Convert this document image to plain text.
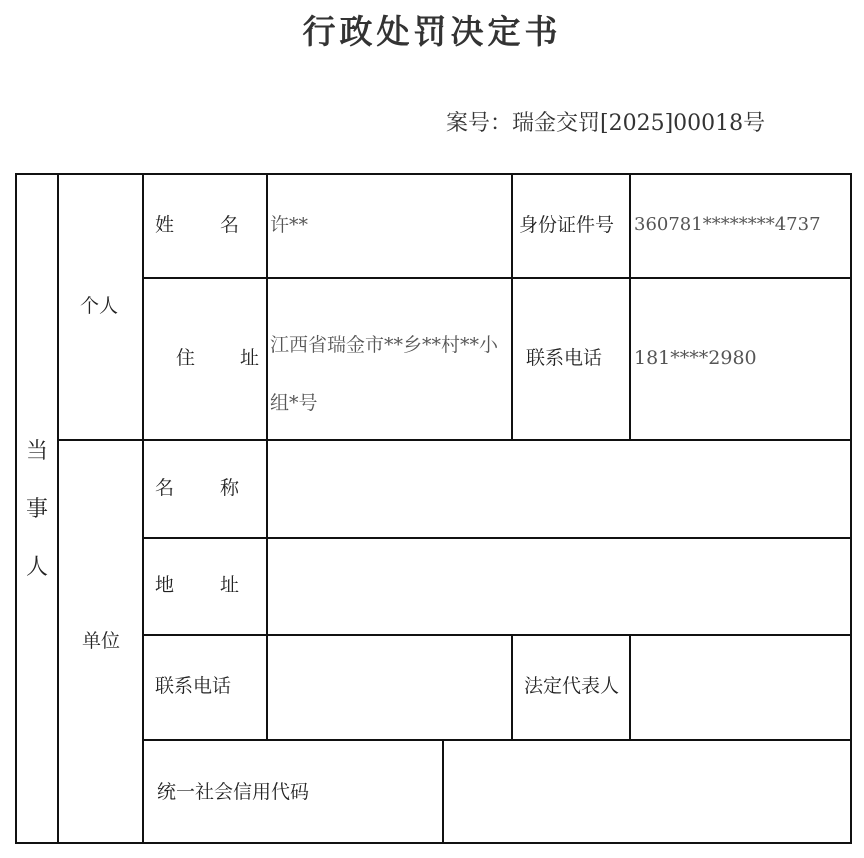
行政处罚决定书
案号：瑞金交罚[2025]00018号
当
事
人
个人
姓 名 许**	身份证件号 360781********4737
住 址
江西省瑞金市**乡**村**小组*号
联系电话 181****2980
单位
名 称
地 址
联系电话	法定代表人
统一社会信用代码
